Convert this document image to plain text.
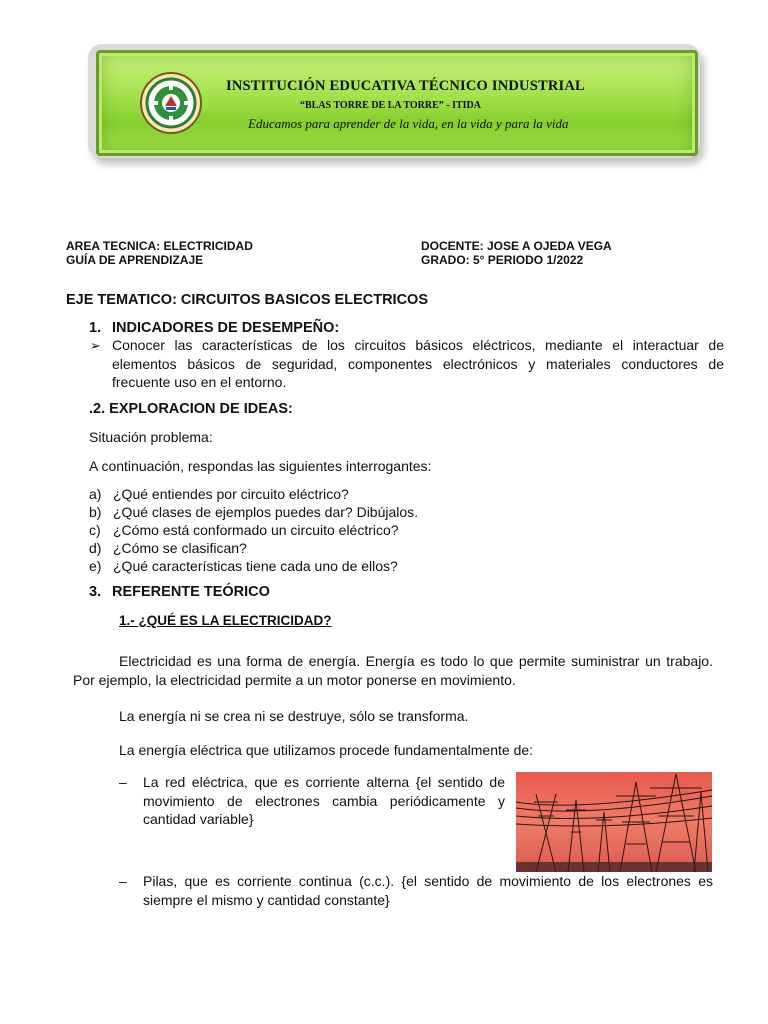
INSTITUCIÓN EDUCATIVA TÉCNICO INDUSTRIAL
“BLAS TORRE DE LA TORRE” - ITIDA
Educamos para aprender de la vida, en la vida y para la vida
AREA TECNICA: ELECTRICIDAD
GUÍA DE APRENDIZAJE
DOCENTE: JOSE A OJEDA VEGA
GRADO: 5° PERIODO 1/2022
EJE TEMATICO: CIRCUITOS BASICOS ELECTRICOS
1. INDICADORES DE DESEMPEÑO:
➢ Conocer las características de los circuitos básicos eléctricos, mediante el interactuar de elementos básicos de seguridad, componentes electrónicos y materiales conductores de frecuente uso en el entorno.
.2. EXPLORACION DE IDEAS:
Situación problema:
A continuación, respondas las siguientes interrogantes:
a) ¿Qué entiendes por circuito eléctrico?
b) ¿Qué clases de ejemplos puedes dar? Dibújalos.
c) ¿Cómo está conformado un circuito eléctrico?
d) ¿Cómo se clasifican?
e) ¿Qué características tiene cada uno de ellos?
3. REFERENTE TEÓRICO
1.- ¿QUÉ ES LA ELECTRICIDAD?
Electricidad es una forma de energía. Energía es todo lo que permite suministrar un trabajo. Por ejemplo, la electricidad permite a un motor ponerse en movimiento.
La energía ni se crea ni se destruye, sólo se transforma.
La energía eléctrica que utilizamos procede fundamentalmente de:
– La red eléctrica, que es corriente alterna {el sentido de movimiento de electrones cambia periódicamente y cantidad variable}
– Pilas, que es corriente continua (c.c.). {el sentido de movimiento de los electrones es siempre el mismo y cantidad constante}
